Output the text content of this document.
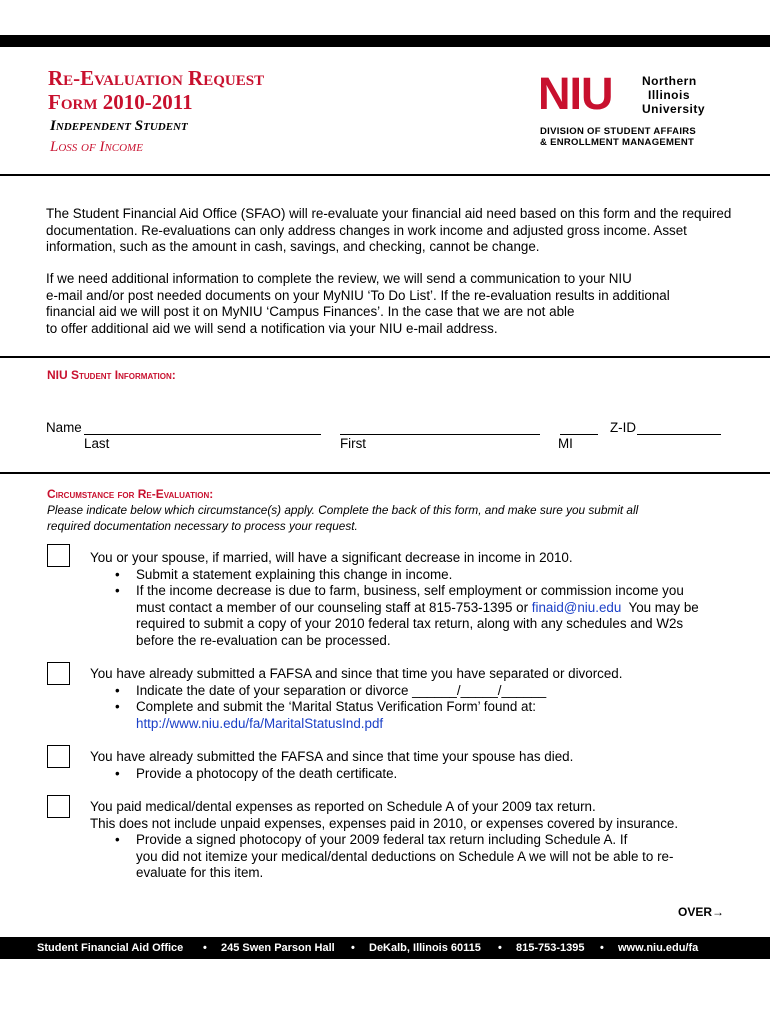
Re-Evaluation Request
Form 2010-2011
Independent Student
Loss of Income
NIU Northern
Illinois
University
DIVISION OF STUDENT AFFAIRS
& ENROLLMENT MANAGEMENT
The Student Financial Aid Office (SFAO) will re-evaluate your financial aid need based on this form and the required documentation. Re-evaluations can only address changes in work income and adjusted gross income. Asset information, such as the amount in cash, savings, and checking, cannot be change.
If we need additional information to complete the review, we will send a communication to your NIU
e-mail and/or post needed documents on your MyNIU ‘To Do List’. If the re-evaluation results in additional
financial aid we will post it on MyNIU ‘Campus Finances’. In the case that we are not able
to offer additional aid we will send a notification via your NIU e-mail address.
NIU Student Information:
Name	Z-ID
Last	First	MI
Circumstance for Re-Evaluation:
Please indicate below which circumstance(s) apply. Complete the back of this form, and make sure you submit all
required documentation necessary to process your request.
You or your spouse, if married, will have a significant decrease in income in 2010.
• Submit a statement explaining this change in income.
• If the income decrease is due to farm, business, self employment or commission income you
must contact a member of our counseling staff at 815-753-1395 or finaid@niu.edu  You may be
required to submit a copy of your 2010 federal tax return, along with any schedules and W2s
before the re-evaluation can be processed.
You have already submitted a FAFSA and since that time you have separated or divorced.
• Indicate the date of your separation or divorce ______/_____/______
• Complete and submit the ‘Marital Status Verification Form’ found at:
http://www.niu.edu/fa/MaritalStatusInd.pdf
You have already submitted the FAFSA and since that time your spouse has died.
• Provide a photocopy of the death certificate.
You paid medical/dental expenses as reported on Schedule A of your 2009 tax return.
This does not include unpaid expenses, expenses paid in 2010, or expenses covered by insurance.
• Provide a signed photocopy of your 2009 federal tax return including Schedule A. If
you did not itemize your medical/dental deductions on Schedule A we will not be able to re-
evaluate for this item.
OVER→
Student Financial Aid Office • 245 Swen Parson Hall • DeKalb, Illinois 60115 • 815-753-1395 • www.niu.edu/fa
